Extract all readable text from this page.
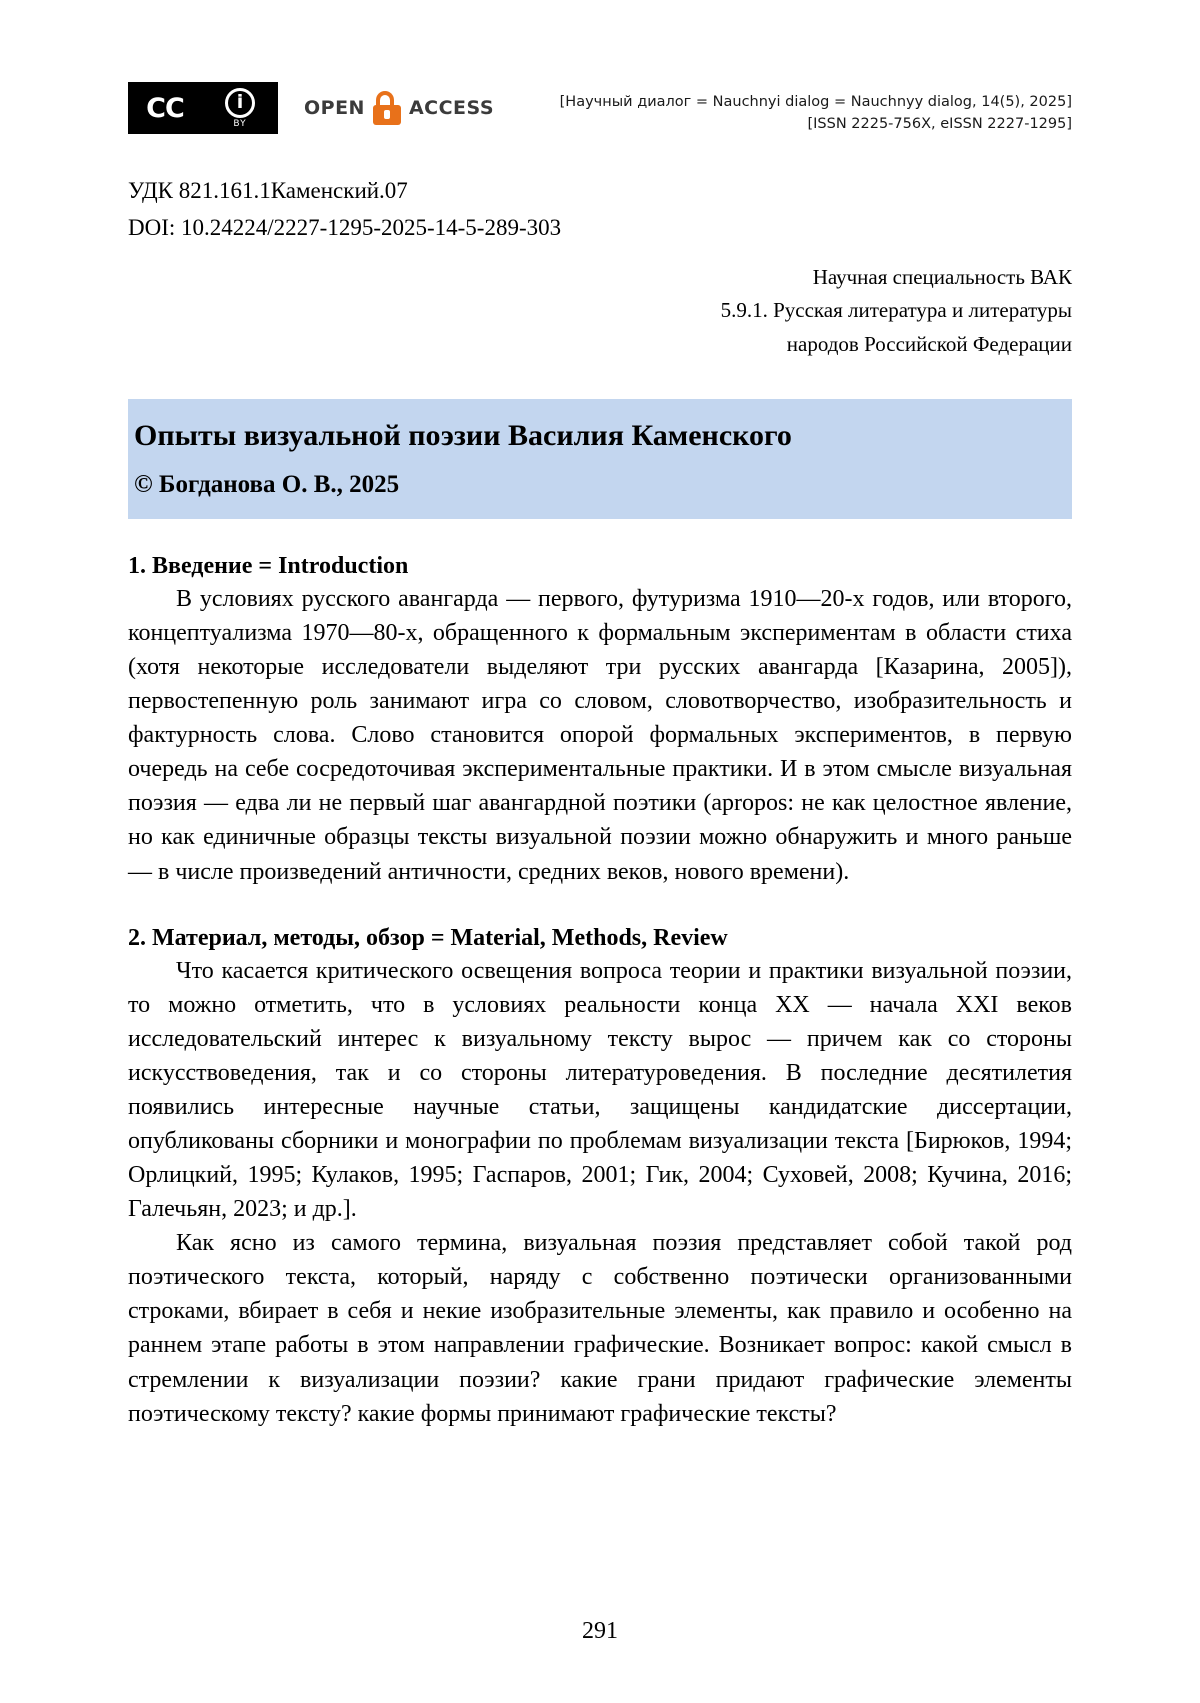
CC	i
BY
OPEN ACCESS	[Научный диалог = Nauchnyi dialog = Nauchnyy dialog, 14(5), 2025]
[ISSN 2225-756X, eISSN 2227-1295]
УДК 821.161.1Каменский.07
DOI: 10.24224/2227-1295-2025-14-5-289-303
Научная специальность ВАК
5.9.1. Русская литература и литературы
народов Российской Федерации
Опыты визуальной поэзии Василия Каменского

© Богданова О. В., 2025

1. Введение = Introduction

В условиях русского авангарда — первого, футуризма 1910—20-х годов, или второго, концептуализма 1970—80-х, обращенного к формальным экспериментам в области стиха (хотя некоторые исследователи выделяют три русских авангарда [Казарина, 2005]), первостепенную роль занимают игра со словом, словотворчество, изобразительность и фактурность слова. Слово становится опорой формальных экспериментов, в первую очередь на себе сосредоточивая экспериментальные практики. И в этом смысле визуальная поэзия — едва ли не первый шаг авангардной поэтики (apropos: не как целостное явление, но как единичные образцы тексты визуальной поэзии можно обнаружить и много раньше — в числе произведений античности, средних веков, нового времени).

2. Материал, методы, обзор = Material, Methods, Review

Что касается критического освещения вопроса теории и практики визуальной поэзии, то можно отметить, что в условиях реальности конца XX — начала XXI веков исследовательский интерес к визуальному тексту вырос — причем как со стороны искусствоведения, так и со стороны литературоведения. В последние десятилетия появились интересные научные статьи, защищены кандидатские диссертации, опубликованы сборники и монографии по проблемам визуализации текста [Бирюков, 1994; Орлицкий, 1995; Кулаков, 1995; Гаспаров, 2001; Гик, 2004; Суховей, 2008; Кучина, 2016; Галечьян, 2023; и др.].

Как ясно из самого термина, визуальная поэзия представляет собой такой род поэтического текста, который, наряду с собственно поэтически организованными строками, вбирает в себя и некие изобразительные элементы, как правило и особенно на раннем этапе работы в этом направлении графические. Возникает вопрос: какой смысл в стремлении к визуализации поэзии? какие грани придают графические элементы поэтическому тексту? какие формы принимают графические тексты?

291
